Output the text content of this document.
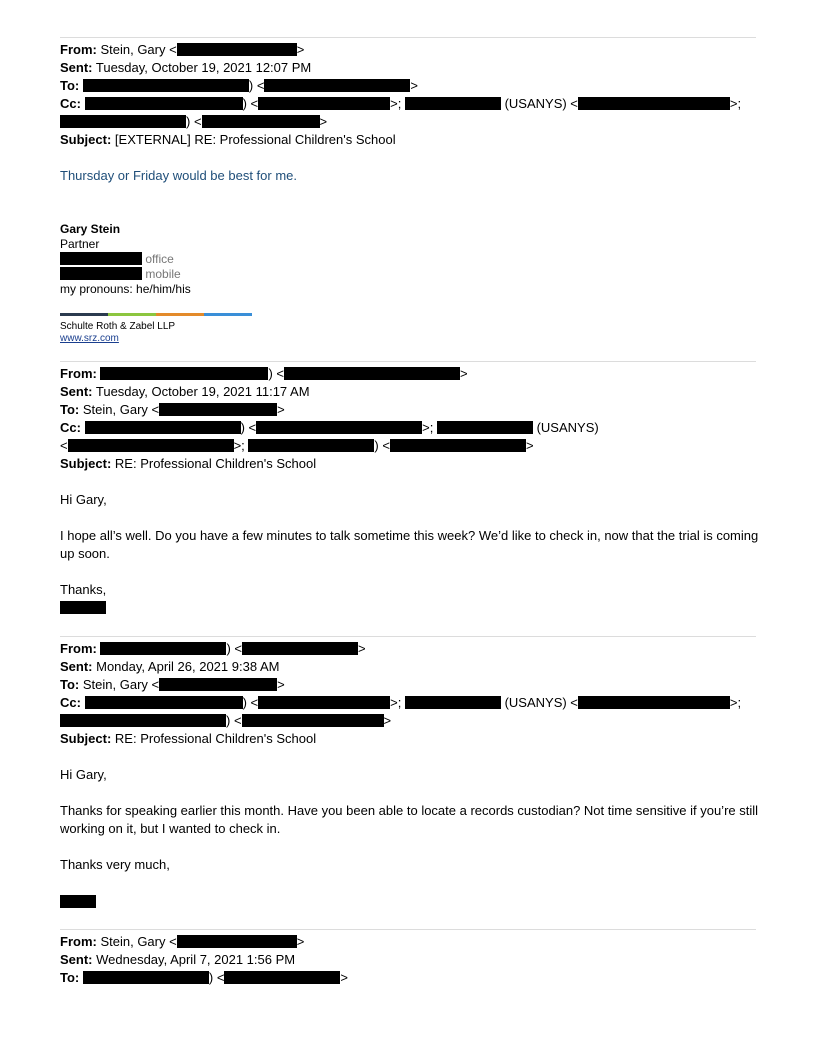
From: Stein, Gary <	>
Sent: Tuesday, October 19, 2021 12:07 PM
To:	) <	>
Cc:	) <	>;	(USANYS) <	>;
) <	>
Subject: [EXTERNAL] RE: Professional Children's School
Thursday or Friday would be best for me.
Gary Stein
Partner
office
mobile
my pronouns: he/him/his
Schulte Roth & Zabel LLP
www.srz.com
From:	) <	>
Sent: Tuesday, October 19, 2021 11:17 AM
To: Stein, Gary <	>
Cc:	) <	>;	(USANYS)
<	>;	) <	>
Subject: RE: Professional Children's School
Hi Gary,
I hope all’s well. Do you have a few minutes to talk sometime this week? We’d like to check in, now that the trial is coming up soon.
Thanks,
From:	) <	>
Sent: Monday, April 26, 2021 9:38 AM
To: Stein, Gary <	>
Cc:	) <	>;	(USANYS) <	>;
) <	>
Subject: RE: Professional Children's School
Hi Gary,
Thanks for speaking earlier this month. Have you been able to locate a records custodian? Not time sensitive if you’re still working on it, but I wanted to check in.
Thanks very much,
From: Stein, Gary <	>
Sent: Wednesday, April 7, 2021 1:56 PM
To:	) <	>
